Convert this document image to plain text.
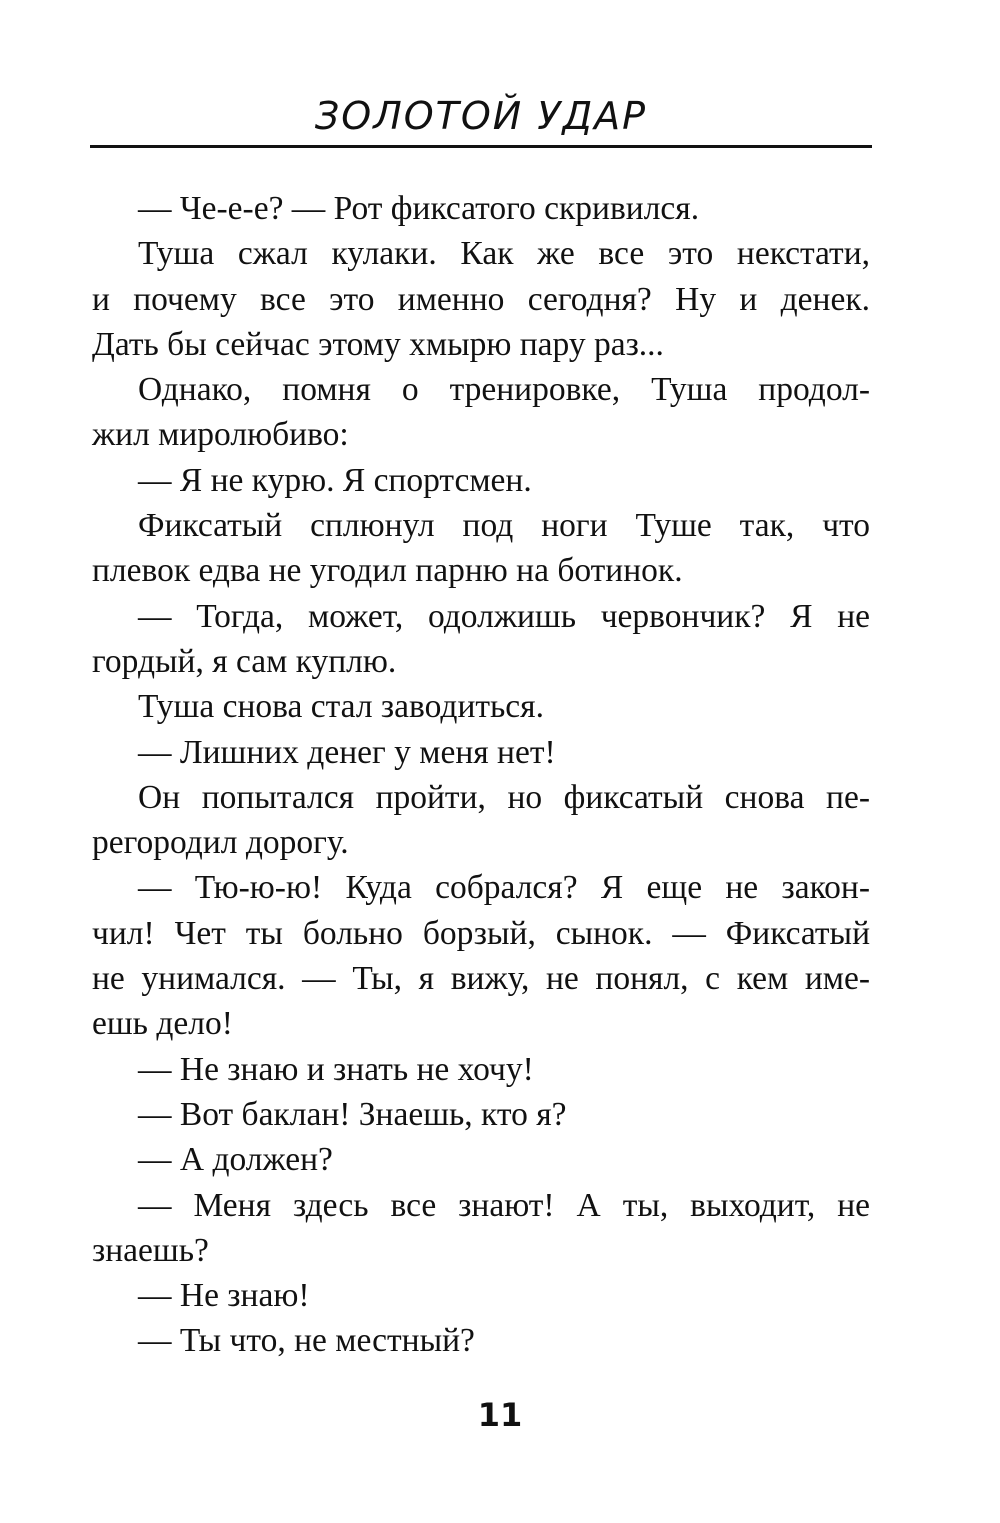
ЗОЛОТОЙ УДАР
— Че-е-е? — Рот фиксатого скривился.
Туша сжал кулаки. Как же все это некстати,
и почему все это именно сегодня? Ну и денек.
Дать бы сейчас этому хмырю пару раз...
Однако, помня о тренировке, Туша продол-
жил миролюбиво:
— Я не курю. Я спортсмен.
Фиксатый сплюнул под ноги Туше так, что
плевок едва не угодил парню на ботинок.
— Тогда, может, одолжишь червончик? Я не
гордый, я сам куплю.
Туша снова стал заводиться.
— Лишних денег у меня нет!
Он попытался пройти, но фиксатый снова пе-
регородил дорогу.
— Тю-ю-ю! Куда собрался? Я еще не закон-
чил! Чет ты больно борзый, сынок. — Фиксатый
не унимался. — Ты, я вижу, не понял, с кем име-
ешь дело!
— Не знаю и знать не хочу!
— Вот баклан! Знаешь, кто я?
— А должен?
— Меня здесь все знают! А ты, выходит, не
знаешь?
— Не знаю!
— Ты что, не местный?
11
